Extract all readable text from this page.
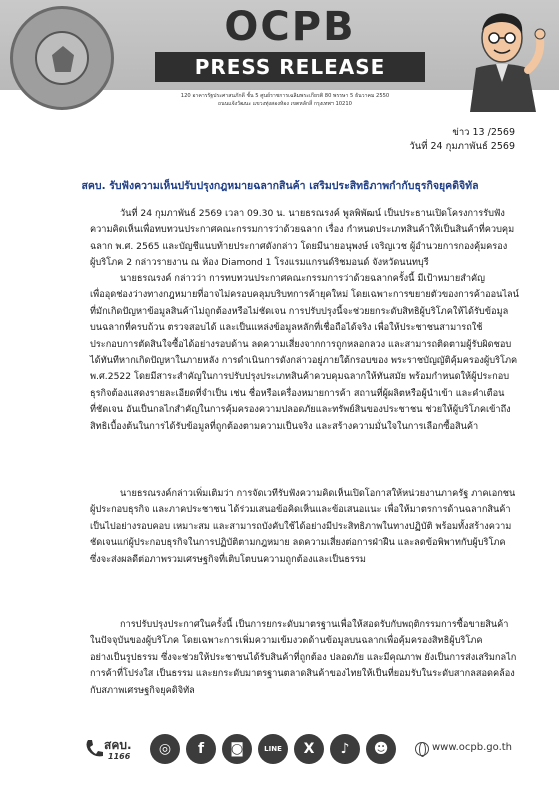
OCPB
PRESS RELEASE
120 อาคารรัฐประศาสนภักดี ชั้น 5 ศูนย์ราชการเฉลิมพระเกียรติ 80 พรรษา 5 ธันวาคม 2550
ถนนแจ้งวัฒนะ แขวงทุ่งสองห้อง เขตหลักสี่ กรุงเทพฯ 10210
ข่าว 13 /2569
วันที่ 24 กุมภาพันธ์ 2569
สคบ. รับฟังความเห็นปรับปรุงกฎหมายฉลากสินค้า เสริมประสิทธิภาพกำกับธุรกิจยุคดิจิทัล

วันที่ 24 กุมภาพันธ์ 2569 เวลา 09.30 น. นายธรณรงค์ พูลพิพัฒน์ เป็นประธานเปิดโครงการรับฟัง

ความคิดเห็นเพื่อทบทวนประกาศคณะกรรมการว่าด้วยฉลาก เรื่อง กำหนดประเภทสินค้าให้เป็นสินค้าที่ควบคุม

ฉลาก พ.ศ. 2565 และบัญชีแนบท้ายประกาศดังกล่าว โดยมีนายอนุพงษ์ เจริญเวช ผู้อำนวยการกองคุ้มครอง

ผู้บริโภค 2 กล่าวรายงาน ณ ห้อง Diamond 1 โรงแรมแกรนด์ริชมอนด์ จังหวัดนนทบุรี

นายธรณรงค์ กล่าวว่า การทบทวนประกาศคณะกรรมการว่าด้วยฉลากครั้งนี้ มีเป้าหมายสำคัญ

เพื่ออุดช่องว่างทางกฎหมายที่อาจไม่ครอบคลุมบริบทการค้ายุคใหม่ โดยเฉพาะการขยายตัวของการค้าออนไลน์

ที่มักเกิดปัญหาข้อมูลสินค้าไม่ถูกต้องหรือไม่ชัดเจน การปรับปรุงนี้จะช่วยยกระดับสิทธิผู้บริโภคให้ได้รับข้อมูล

บนฉลากที่ครบถ้วน ตรวจสอบได้ และเป็นแหล่งข้อมูลหลักที่เชื่อถือได้จริง เพื่อให้ประชาชนสามารถใช้

ประกอบการตัดสินใจซื้อได้อย่างรอบด้าน ลดความเสี่ยงจากการถูกหลอกลวง และสามารถติดตามผู้รับผิดชอบ

ได้ทันทีหากเกิดปัญหาในภายหลัง การดำเนินการดังกล่าวอยู่ภายใต้กรอบของ พระราชบัญญัติคุ้มครองผู้บริโภค

พ.ศ.2522 โดยมีสาระสำคัญในการปรับปรุงประเภทสินค้าควบคุมฉลากให้ทันสมัย พร้อมกำหนดให้ผู้ประกอบ

ธุรกิจต้องแสดงรายละเอียดที่จำเป็น เช่น ชื่อหรือเครื่องหมายการค้า สถานที่ผู้ผลิตหรือผู้นำเข้า และคำเตือน

ที่ชัดเจน อันเป็นกลไกสำคัญในการคุ้มครองความปลอดภัยและทรัพย์สินของประชาชน ช่วยให้ผู้บริโภคเข้าถึง

สิทธิเบื้องต้นในการได้รับข้อมูลที่ถูกต้องตามความเป็นจริง และสร้างความมั่นใจในการเลือกซื้อสินค้า

นายธรณรงค์กล่าวเพิ่มเติมว่า การจัดเวทีรับฟังความคิดเห็นเปิดโอกาสให้หน่วยงานภาครัฐ ภาคเอกชน

ผู้ประกอบธุรกิจ และภาคประชาชน ได้ร่วมเสนอข้อคิดเห็นและข้อเสนอแนะ เพื่อให้มาตรการด้านฉลากสินค้า

เป็นไปอย่างรอบคอบ เหมาะสม และสามารถบังคับใช้ได้อย่างมีประสิทธิภาพในทางปฏิบัติ พร้อมทั้งสร้างความ

ชัดเจนแก่ผู้ประกอบธุรกิจในการปฏิบัติตามกฎหมาย ลดความเสี่ยงต่อการฝ่าฝืน และลดข้อพิพาทกับผู้บริโภค

ซึ่งจะส่งผลดีต่อภาพรวมเศรษฐกิจที่เติบโตบนความถูกต้องและเป็นธรรม

การปรับปรุงประกาศในครั้งนี้ เป็นการยกระดับมาตรฐานเพื่อให้สอดรับกับพฤติกรรมการซื้อขายสินค้า

ในปัจจุบันของผู้บริโภค โดยเฉพาะการเพิ่มความเข้มงวดด้านข้อมูลบนฉลากเพื่อคุ้มครองสิทธิผู้บริโภค

อย่างเป็นรูปธรรม ซึ่งจะช่วยให้ประชาชนได้รับสินค้าที่ถูกต้อง ปลอดภัย และมีคุณภาพ ยังเป็นการส่งเสริมกลไก

การค้าที่โปร่งใส เป็นธรรม และยกระดับมาตรฐานตลาดสินค้าของไทยให้เป็นที่ยอมรับในระดับสากลสอดคล้อง

กับสภาพเศรษฐกิจยุคดิจิทัล

สคบ.
1166	◎	f	◙	LINE	X	♪	☻	www.ocpb.go.th
